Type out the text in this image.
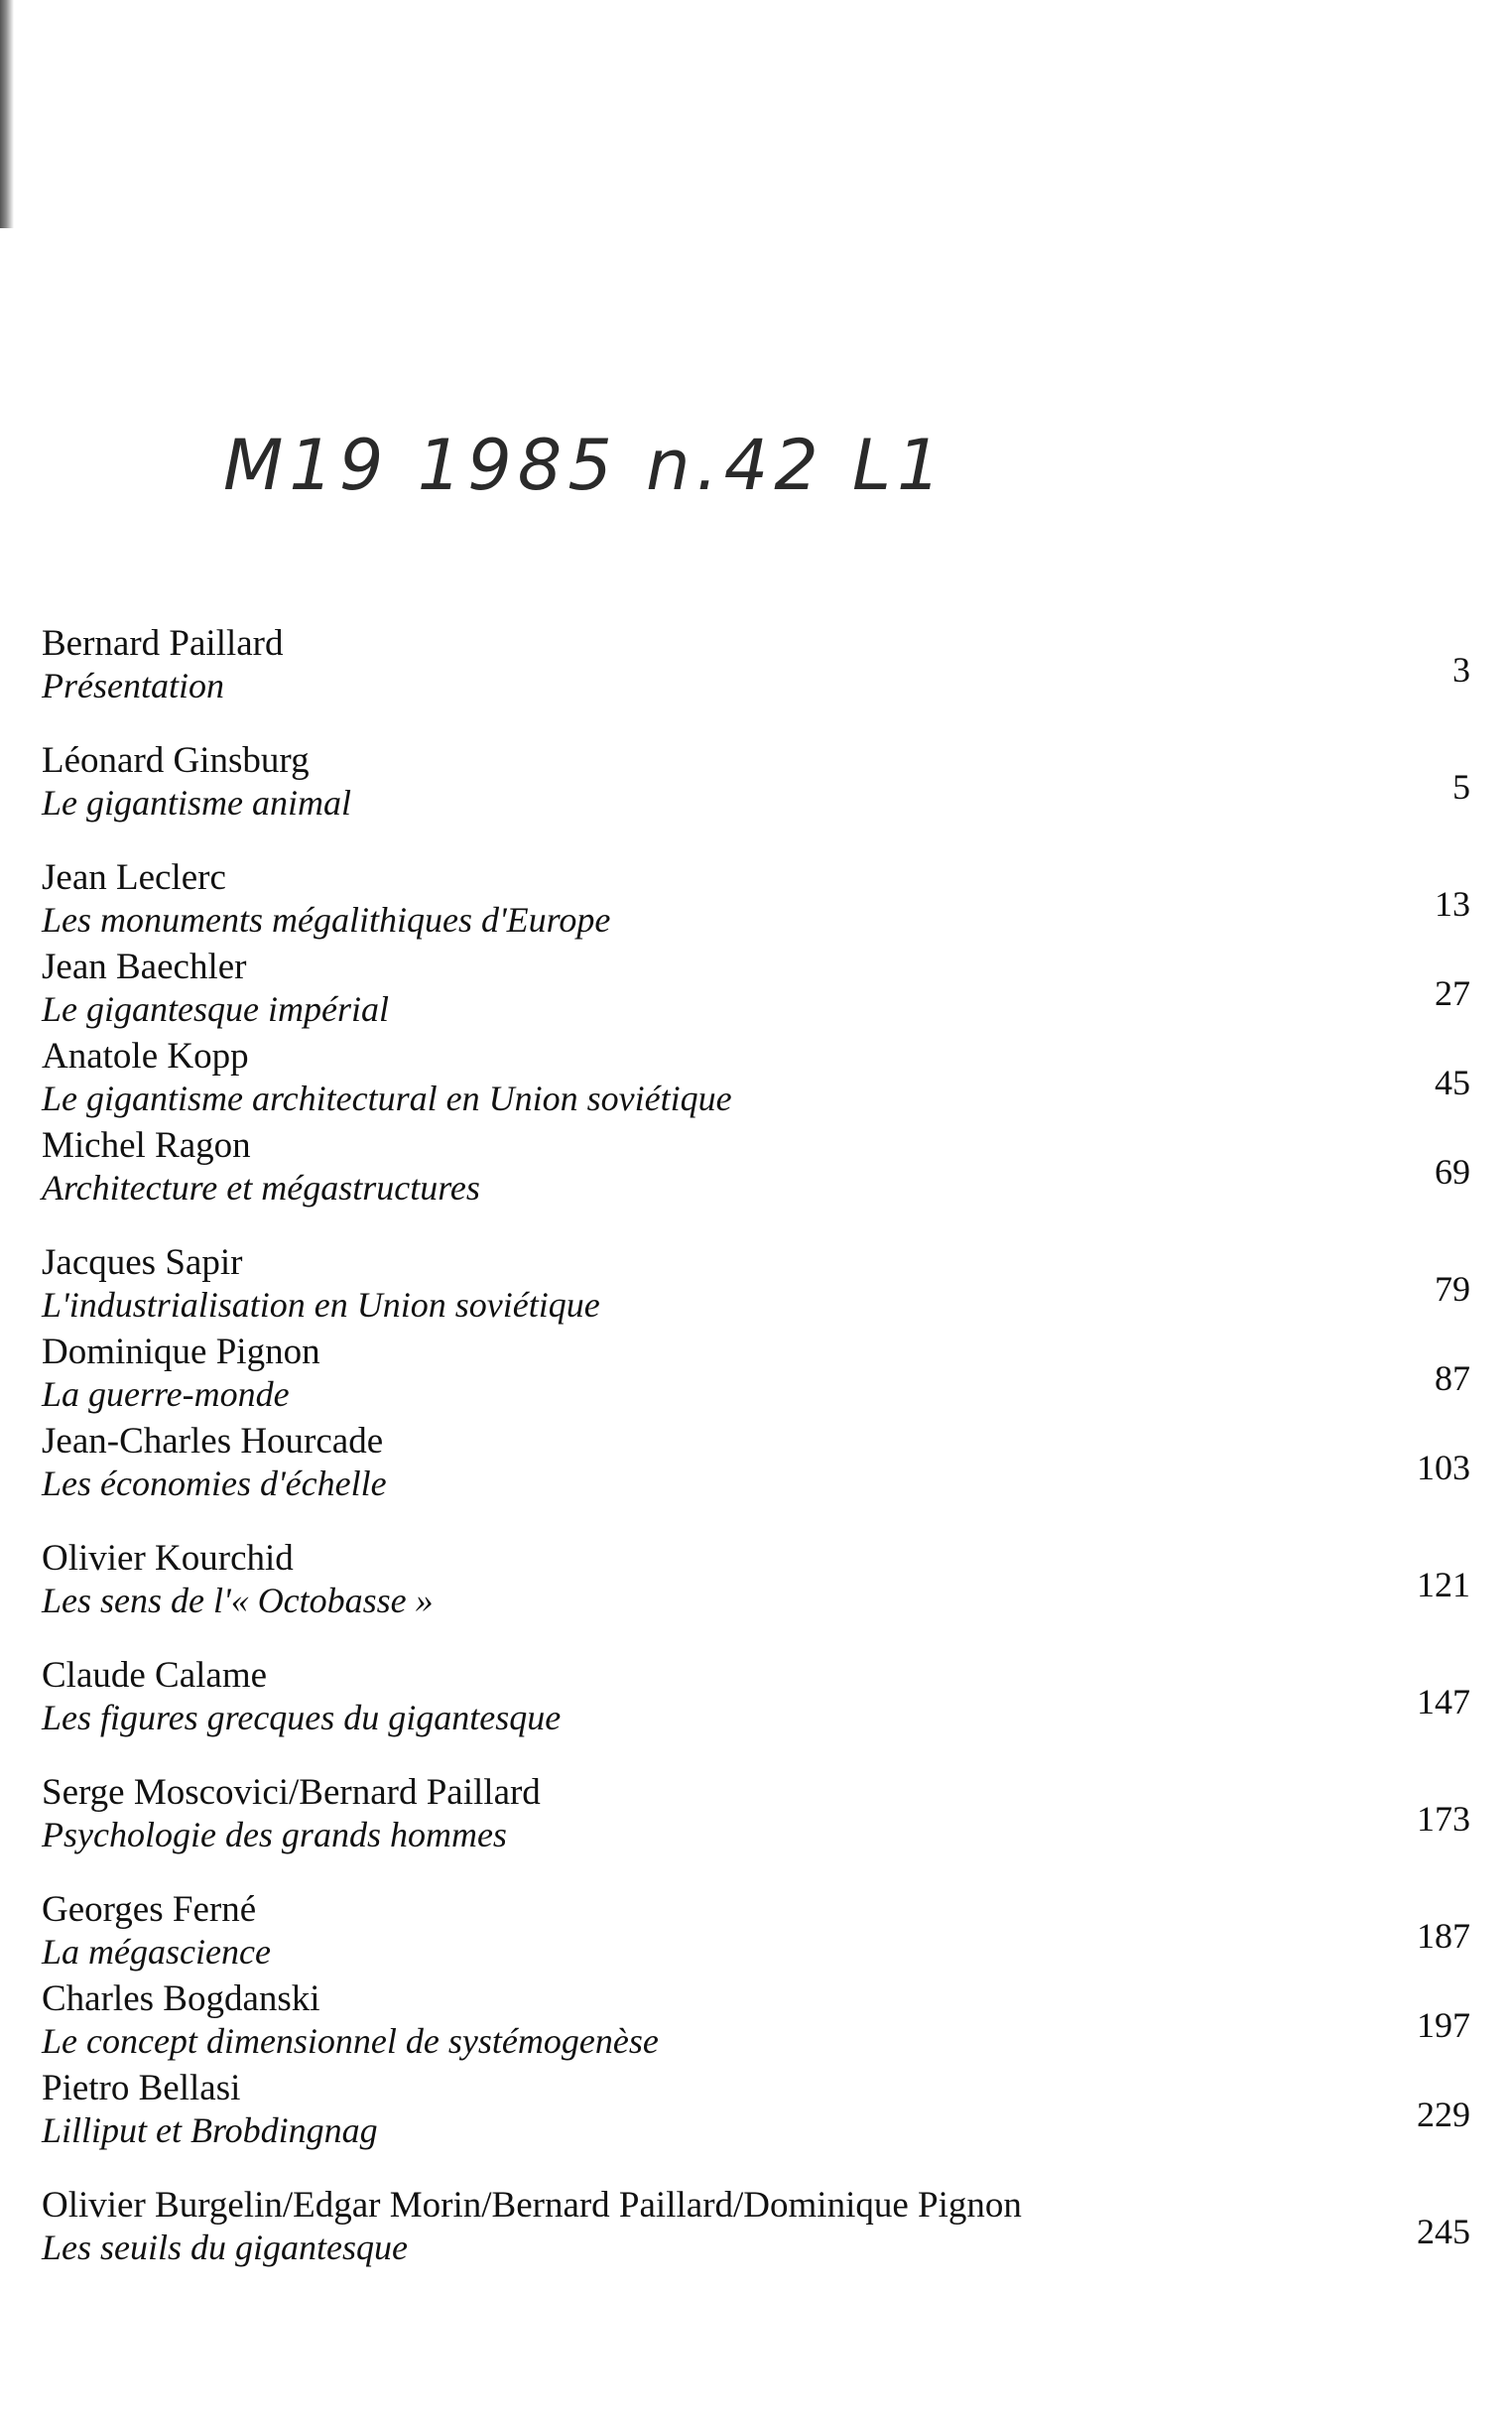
M19 1985 n.42 L1
Bernard Paillard
Présentation	3
Léonard Ginsburg
Le gigantisme animal	5
Jean Leclerc
Les monuments mégalithiques d'Europe	13
Jean Baechler
Le gigantesque impérial	27
Anatole Kopp
Le gigantisme architectural en Union soviétique	45
Michel Ragon
Architecture et mégastructures	69
Jacques Sapir
L'industrialisation en Union soviétique	79
Dominique Pignon
La guerre-monde	87
Jean-Charles Hourcade
Les économies d'échelle	103
Olivier Kourchid
Les sens de l'« Octobasse »	121
Claude Calame
Les figures grecques du gigantesque	147
Serge Moscovici/Bernard Paillard
Psychologie des grands hommes	173
Georges Ferné
La mégascience	187
Charles Bogdanski
Le concept dimensionnel de systémogenèse	197
Pietro Bellasi
Lilliput et Brobdingnag	229
Olivier Burgelin/Edgar Morin/Bernard Paillard/Dominique Pignon
Les seuils du gigantesque	245
